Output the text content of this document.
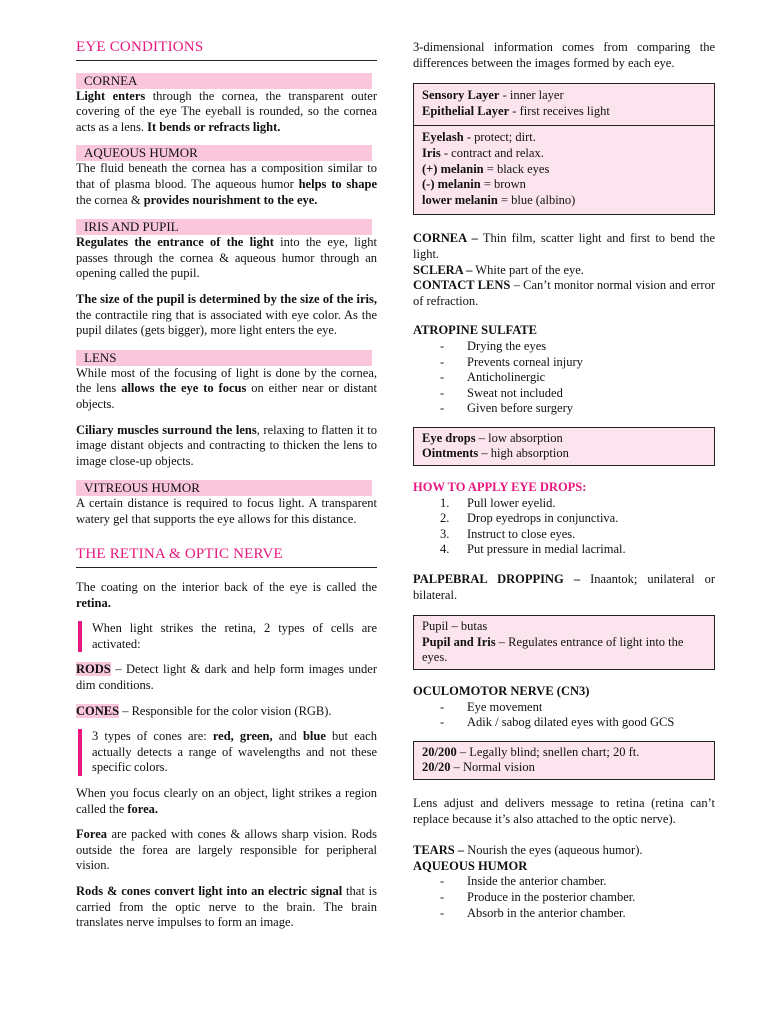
EYE CONDITIONS
CORNEA

Light enters through the cornea, the transparent outer covering of the eye The eyeball is rounded, so the cornea acts as a lens. It bends or refracts light.

AQUEOUS HUMOR

The fluid beneath the cornea has a composition similar to that of plasma blood. The aqueous humor helps to shape the cornea & provides nourishment to the eye.

IRIS AND PUPIL

Regulates the entrance of the light into the eye, light passes through the cornea & aqueous humor through an opening called the pupil.

The size of the pupil is determined by the size of the iris, the contractile ring that is associated with eye color. As the pupil dilates (gets bigger), more light enters the eye.

LENS

While most of the focusing of light is done by the cornea, the lens allows the eye to focus on either near or distant objects.

Ciliary muscles surround the lens, relaxing to flatten it to image distant objects and contracting to thicken the lens to image close-up objects.

VITREOUS HUMOR

A certain distance is required to focus light. A transparent watery gel that supports the eye allows for this distance.

THE RETINA & OPTIC NERVE

The coating on the interior back of the eye is called the retina.

When light strikes the retina, 2 types of cells are activated:

RODS – Detect light & dark and help form images under dim conditions.

CONES – Responsible for the color vision (RGB).

3 types of cones are: red, green, and blue but each actually detects a range of wavelengths and not these specific colors.

When you focus clearly on an object, light strikes a region called the forea.

Forea are packed with cones & allows sharp vision. Rods outside the forea are largely responsible for peripheral vision.

Rods & cones convert light into an electric signal that is carried from the optic nerve to the brain. The brain translates nerve impulses to form an image.

3-dimensional information comes from comparing the differences between the images formed by each eye.

Sensory Layer - inner layer
Epithelial Layer - first receives light
Eyelash - protect; dirt.
Iris - contract and relax.
(+) melanin = black eyes
(-) melanin = brown
lower melanin = blue (albino)

CORNEA – Thin film, scatter light and first to bend the light.

SCLERA – White part of the eye.

CONTACT LENS – Can’t monitor normal vision and error of refraction.

ATROPINE SULFATE

- Drying the eyes
- Prevents corneal injury
- Anticholinergic
- Sweat not included
- Given before surgery
Eye drops – low absorption
Ointments – high absorption

HOW TO APPLY EYE DROPS:

1. Pull lower eyelid.
2. Drop eyedrops in conjunctiva.
3. Instruct to close eyes.
4. Put pressure in medial lacrimal.

PALPEBRAL DROPPING – Inaantok; unilateral or bilateral.

Pupil – butas
Pupil and Iris – Regulates entrance of light into the eyes.

OCULOMOTOR NERVE (CN3)

- Eye movement
- Adik / sabog dilated eyes with good GCS
20/200 – Legally blind; snellen chart; 20 ft.
20/20 – Normal vision

Lens adjust and delivers message to retina (retina can’t replace because it’s also attached to the optic nerve).

TEARS – Nourish the eyes (aqueous humor).

AQUEOUS HUMOR

- Inside the anterior chamber.
- Produce in the posterior chamber.
- Absorb in the anterior chamber.
